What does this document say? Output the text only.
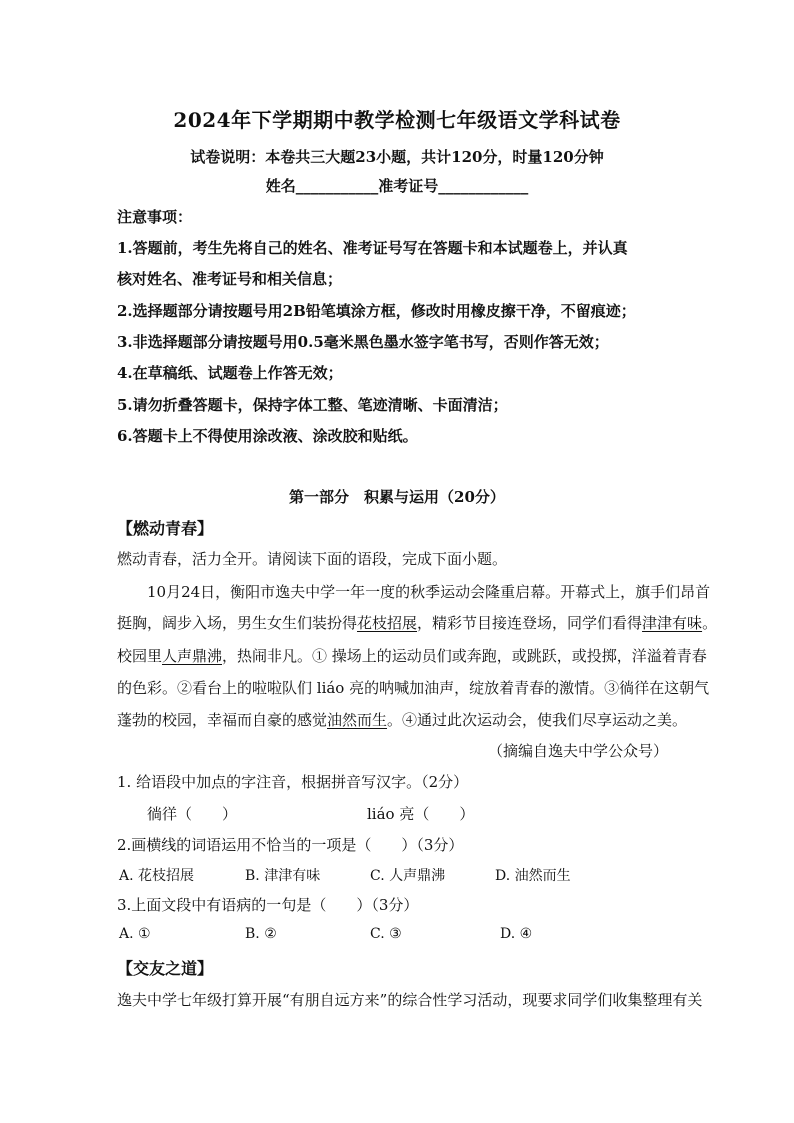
2024年下学期期中教学检测七年级语文学科试卷
试卷说明：本卷共三大题23小题，共计120分，时量120分钟
姓名___________准考证号____________
注意事项：
1.答题前，考生先将自己的姓名、准考证号写在答题卡和本试题卷上，并认真
核对姓名、准考证号和相关信息；
2.选择题部分请按题号用2B铅笔填涂方框，修改时用橡皮擦干净，不留痕迹；
3.非选择题部分请按题号用0.5毫米黑色墨水签字笔书写，否则作答无效；
4.在草稿纸、试题卷上作答无效；
5.请勿折叠答题卡，保持字体工整、笔迹清晰、卡面清洁；
6.答题卡上不得使用涂改液、涂改胶和贴纸。
第一部分　积累与运用（20分）
【燃动青春】
燃动青春，活力全开。请阅读下面的语段，完成下面小题。
10月24日，衡阳市逸夫中学一年一度的秋季运动会隆重启幕。开幕式上，旗手们昂首
挺胸，阔步入场，男生女生们装扮得花枝招展，精彩节目接连登场，同学们看得津津有味。
校园里人声鼎沸，热闹非凡。① 操场上的运动员们或奔跑，或跳跃，或投掷，洋溢着青春
的色彩。②看台上的啦啦队们 liáo 亮的呐喊加油声，绽放着青春的激情。③徜徉在这朝气
蓬勃的校园，幸福而自豪的感觉油然而生。④通过此次运动会，使我们尽享运动之美。
（摘编自逸夫中学公众号）
1. 给语段中加点的字注音，根据拼音写汉字。（2分）
徜徉（　　）	liáo 亮（　　）
2.画横线的词语运用不恰当的一项是（　　）（3分）
A. 花枝招展	B. 津津有味	C. 人声鼎沸	D. 油然而生
3.上面文段中有语病的一句是（　　）（3分）
A. ①	B. ②	C. ③	D. ④
【交友之道】
逸夫中学七年级打算开展“有朋自远方来”的综合性学习活动，现要求同学们收集整理有关
